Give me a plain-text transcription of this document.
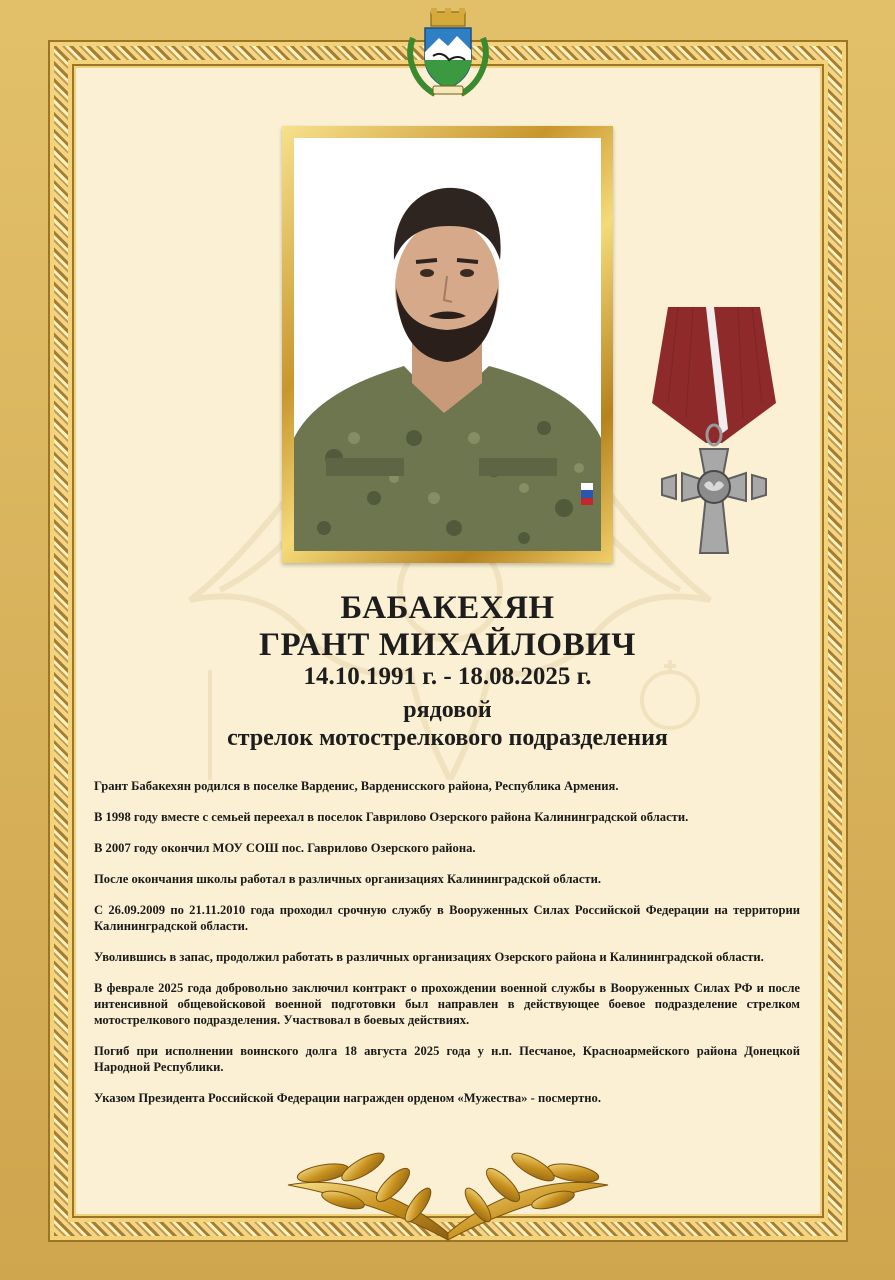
БАБАКЕХЯН
ГРАНТ МИХАЙЛОВИЧ
14.10.1991 г. - 18.08.2025 г.
рядовой
стрелок мотострелкового подразделения

Грант Бабакехян родился в поселке Варденис, Варденисского района, Республика Армения.

В 1998 году вместе с семьей переехал в поселок Гаврилово Озерского района Калининградской области.

В 2007 году окончил МОУ СОШ пос. Гаврилово Озерского района.

После окончания школы работал в различных организациях Калининградской области.

С 26.09.2009 по 21.11.2010 года проходил срочную службу в Вооруженных Силах Российской Федерации на территории Калининградской области.

Уволившись в запас, продолжил работать в различных организациях Озерского района и Калининградской области.

В феврале 2025 года добровольно заключил контракт о прохождении военной службы в Вооруженных Силах РФ и после интенсивной общевойсковой военной подготовки был направлен в действующее боевое подразделение стрелком мотострелкового подразделения. Участвовал в боевых действиях.

Погиб при исполнении воинского долга 18 августа 2025 года у н.п. Песчаное, Красноармейского района Донецкой Народной Республики.

Указом Президента Российской Федерации награжден орденом «Мужества» - посмертно.
